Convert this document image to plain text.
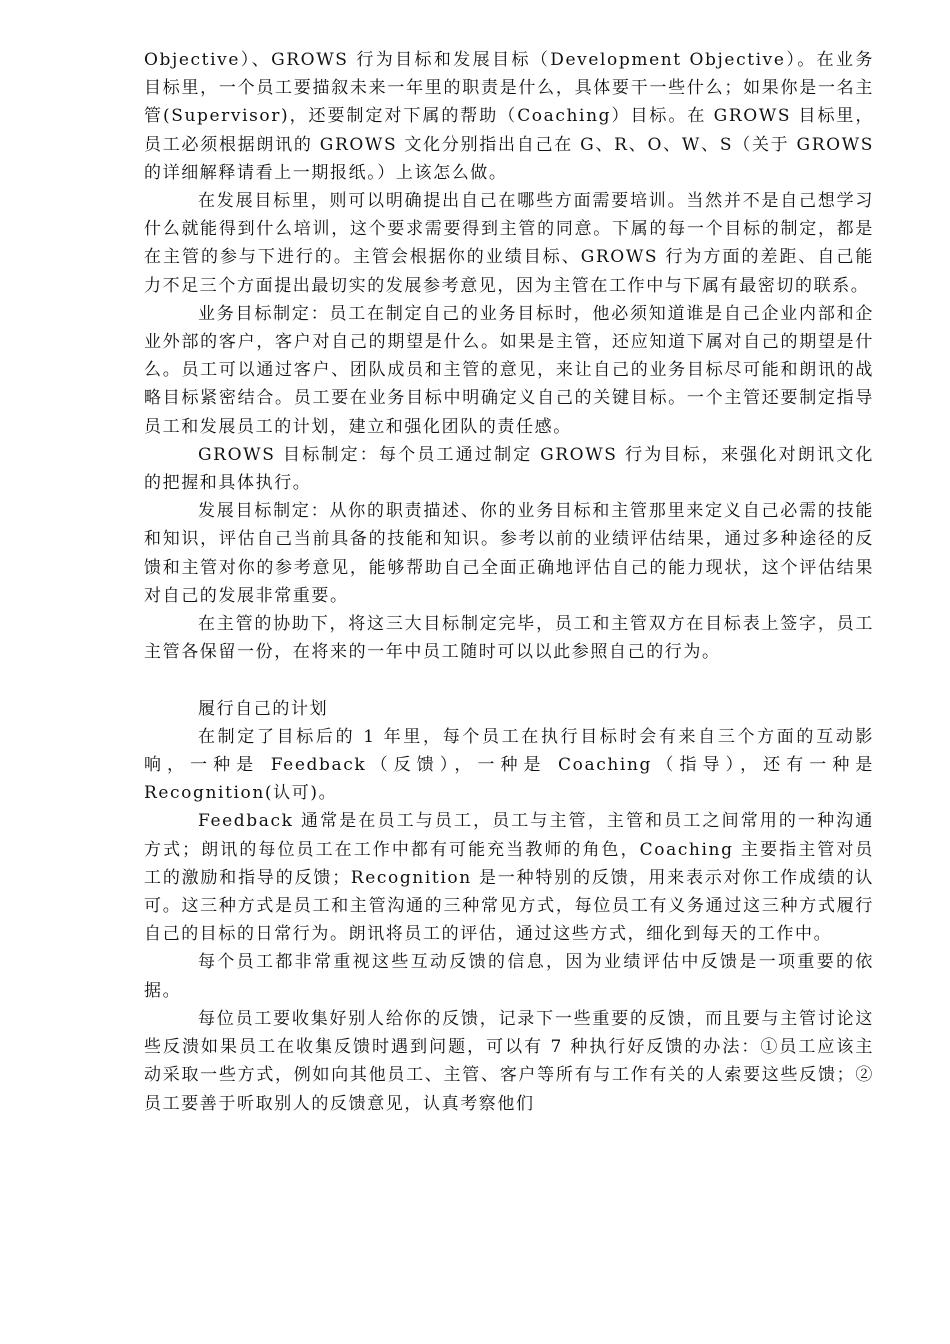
Objective）、GROWS 行为目标和发展目标（Development Objective）。在业务目标里，一个员工要描叙未来一年里的职责是什么，具体要干一些什么；如果你是一名主管(Supervisor)，还要制定对下属的帮助（Coaching）目标。在 GROWS 目标里，员工必须根据朗讯的 GROWS 文化分别指出自己在 G、R、O、W、S（关于 GROWS 的详细解释请看上一期报纸。）上该怎么做。

在发展目标里，则可以明确提出自己在哪些方面需要培训。当然并不是自己想学习什么就能得到什么培训，这个要求需要得到主管的同意。下属的每一个目标的制定，都是在主管的参与下进行的。主管会根据你的业绩目标、GROWS 行为方面的差距、自己能力不足三个方面提出最切实的发展参考意见，因为主管在工作中与下属有最密切的联系。

业务目标制定：员工在制定自己的业务目标时，他必须知道谁是自己企业内部和企业外部的客户，客户对自己的期望是什么。如果是主管，还应知道下属对自己的期望是什么。员工可以通过客户、团队成员和主管的意见，来让自己的业务目标尽可能和朗讯的战略目标紧密结合。员工要在业务目标中明确定义自己的关键目标。一个主管还要制定指导员工和发展员工的计划，建立和强化团队的责任感。

GROWS 目标制定：每个员工通过制定 GROWS 行为目标，来强化对朗讯文化的把握和具体执行。

发展目标制定：从你的职责描述、你的业务目标和主管那里来定义自己必需的技能和知识，评估自己当前具备的技能和知识。参考以前的业绩评估结果，通过多种途径的反馈和主管对你的参考意见，能够帮助自己全面正确地评估自己的能力现状，这个评估结果对自己的发展非常重要。

在主管的协助下，将这三大目标制定完毕，员工和主管双方在目标表上签字，员工主管各保留一份，在将来的一年中员工随时可以以此参照自己的行为。

履行自己的计划

在制定了目标后的 1 年里，每个员工在执行目标时会有来自三个方面的互动影响，一种是 Feedback（反馈），一种是 Coaching（指导），还有一种是 Recognition(认可)。

Feedback 通常是在员工与员工，员工与主管，主管和员工之间常用的一种沟通方式；朗讯的每位员工在工作中都有可能充当教师的角色，Coaching 主要指主管对员工的激励和指导的反馈；Recognition 是一种特别的反馈，用来表示对你工作成绩的认可。这三种方式是员工和主管沟通的三种常见方式，每位员工有义务通过这三种方式履行自己的目标的日常行为。朗讯将员工的评估，通过这些方式，细化到每天的工作中。

每个员工都非常重视这些互动反馈的信息，因为业绩评估中反馈是一项重要的依据。

每位员工要收集好别人给你的反馈，记录下一些重要的反馈，而且要与主管讨论这些反溃如果员工在收集反馈时遇到问题，可以有 7 种执行好反馈的办法：①员工应该主动采取一些方式，例如向其他员工、主管、客户等所有与工作有关的人索要这些反馈；②员工要善于听取别人的反馈意见，认真考察他们
